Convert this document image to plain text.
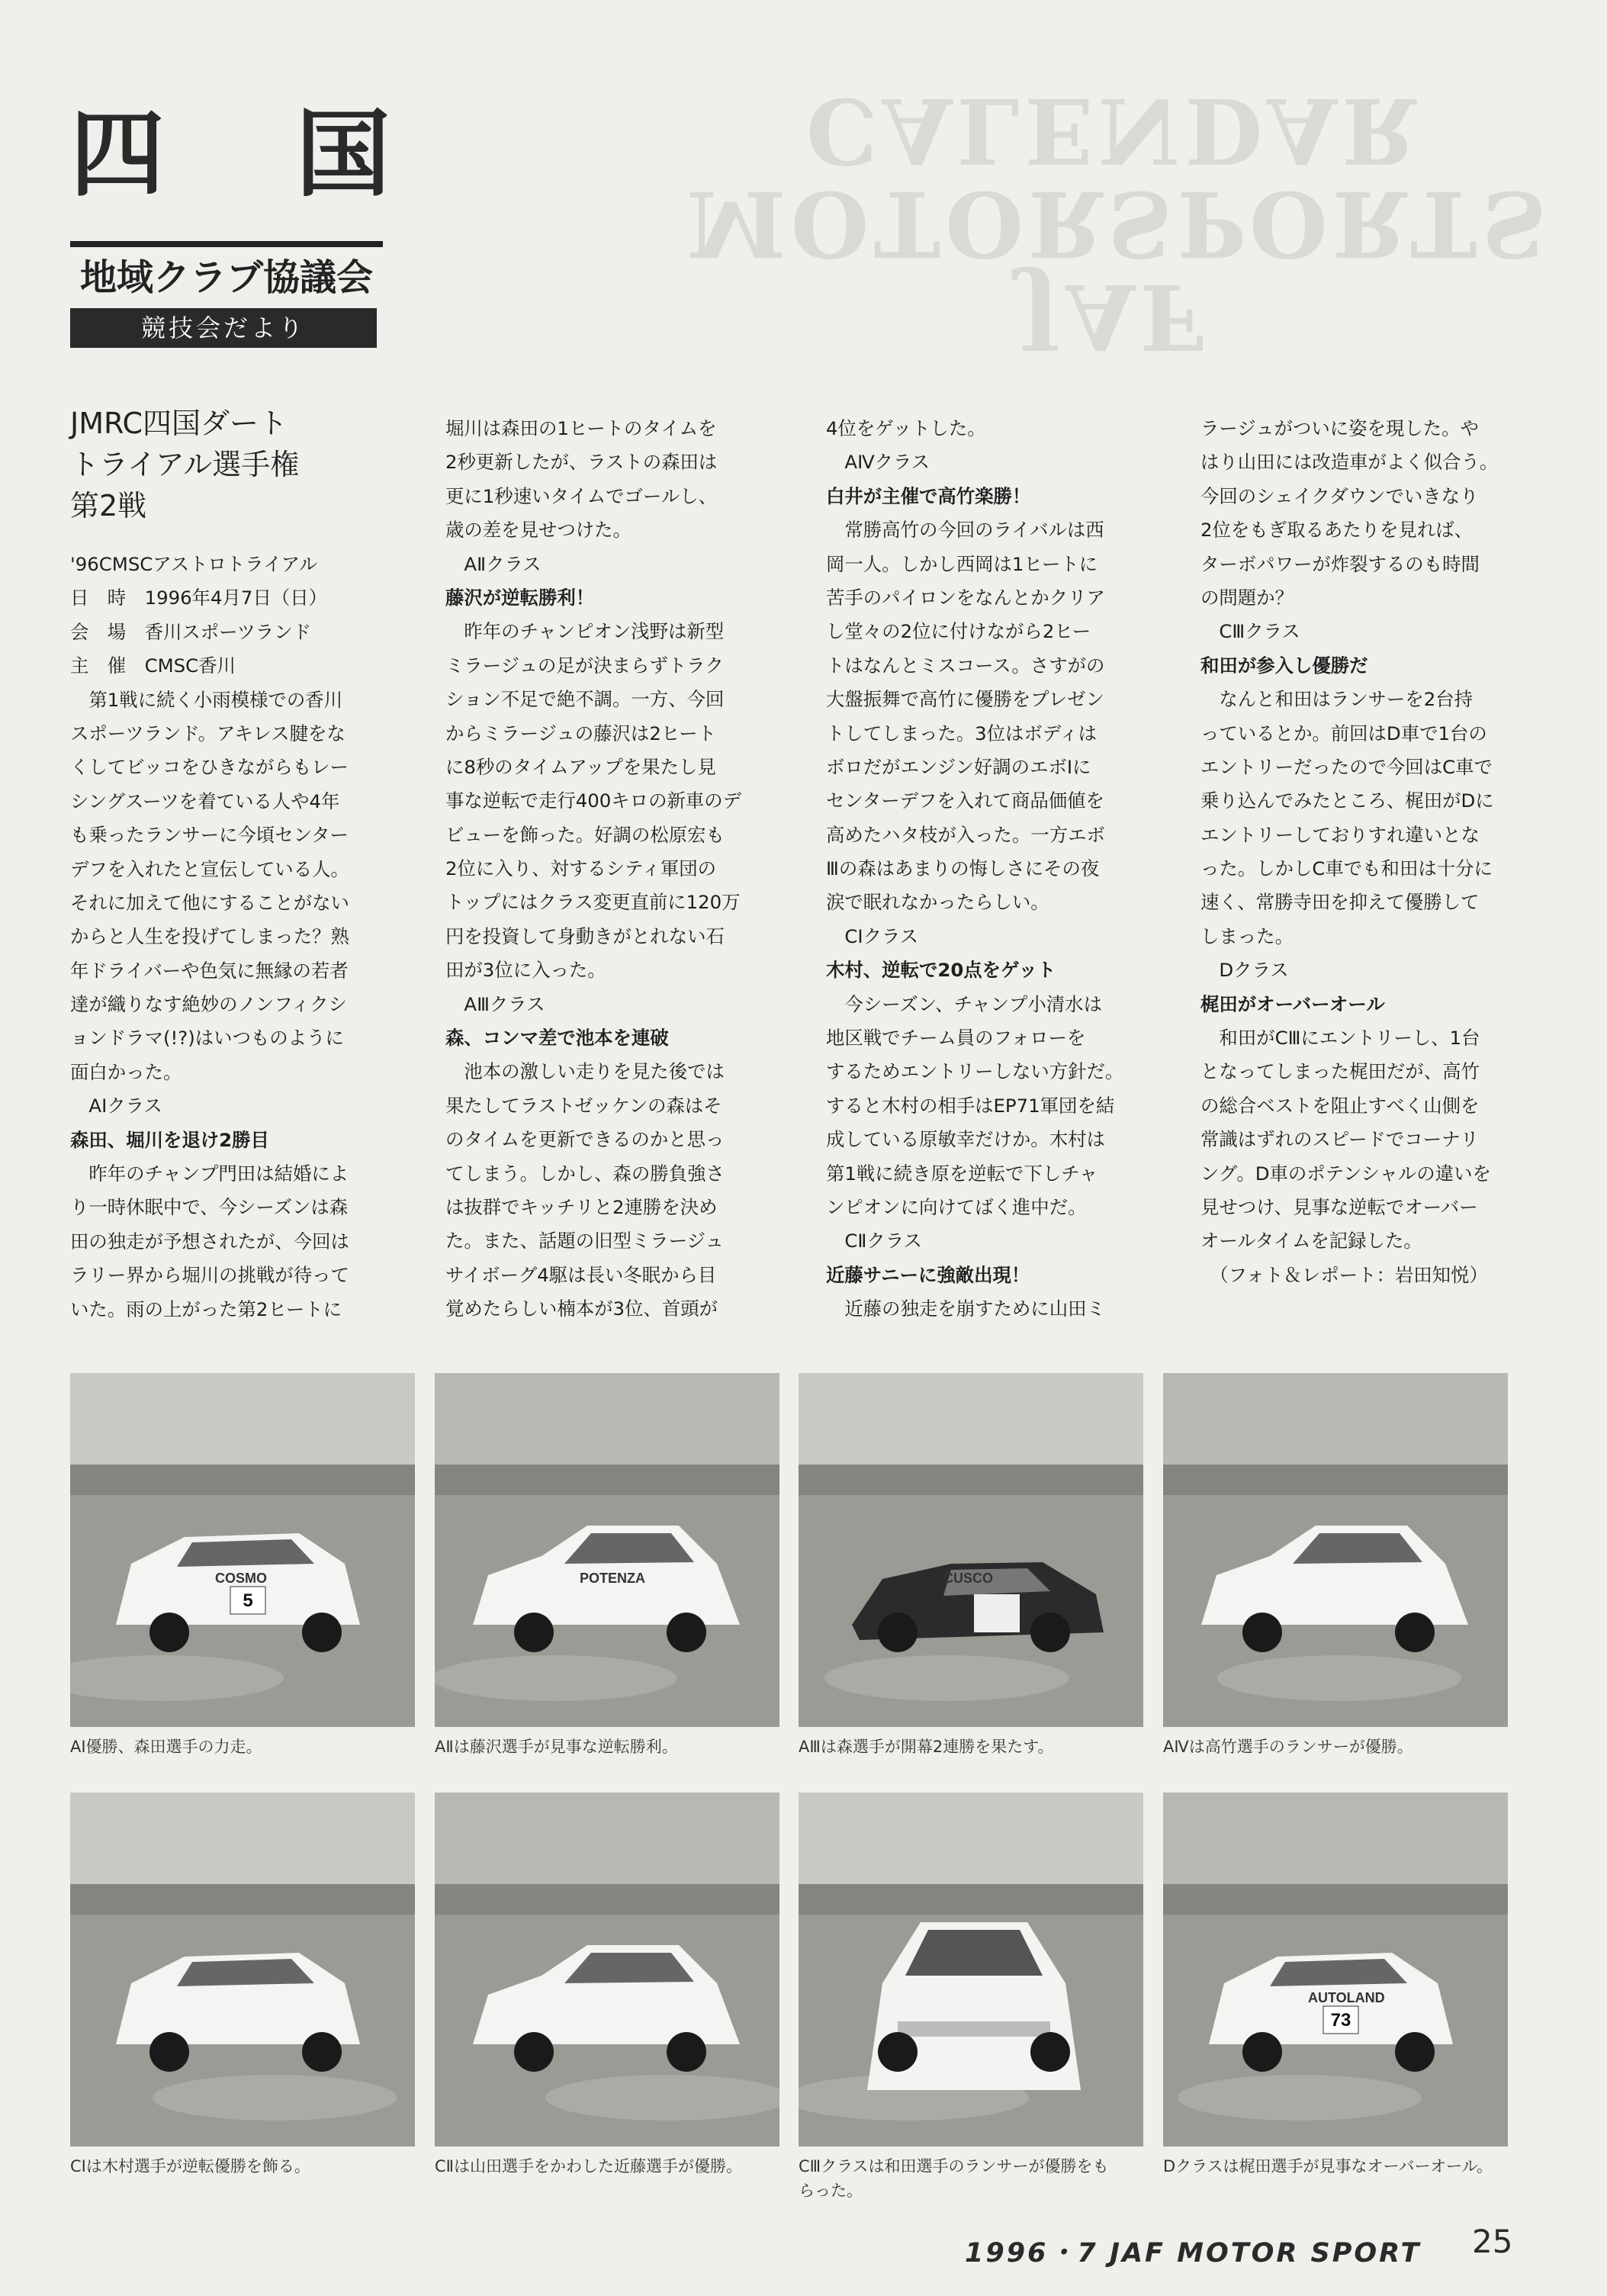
JAF
MOTORSPORTS
CALENDAR
四 国
地域クラブ協議会
競技会だより
JMRC四国ダート
トライアル選手権
第2戦
'96CMSCアストロトライアル
日　時　1996年4月7日（日）
会　場　香川スポーツランド
主　催　CMSC香川
　第1戦に続く小雨模様での香川
スポーツランド。アキレス腱をな
くしてビッコをひきながらもレー
シングスーツを着ている人や4年
も乗ったランサーに今頃センター
デフを入れたと宣伝している人。
それに加えて他にすることがない
からと人生を投げてしまった？熟
年ドライバーや色気に無縁の若者
達が織りなす絶妙のノンフィクシ
ョンドラマ(!?)はいつものように
面白かった。
　AⅠクラス
森田、堀川を退け2勝目
　昨年のチャンプ門田は結婚によ
り一時休眠中で、今シーズンは森
田の独走が予想されたが、今回は
ラリー界から堀川の挑戦が待って
いた。雨の上がった第2ヒートに
堀川は森田の1ヒートのタイムを
2秒更新したが、ラストの森田は
更に1秒速いタイムでゴールし、
歳の差を見せつけた。
　AⅡクラス
藤沢が逆転勝利！
　昨年のチャンピオン浅野は新型
ミラージュの足が決まらずトラク
ション不足で絶不調。一方、今回
からミラージュの藤沢は2ヒート
に8秒のタイムアップを果たし見
事な逆転で走行400キロの新車のデ
ビューを飾った。好調の松原宏も
2位に入り、対するシティ軍団の
トップにはクラス変更直前に120万
円を投資して身動きがとれない石
田が3位に入った。
　AⅢクラス
森、コンマ差で池本を連破
　池本の激しい走りを見た後では
果たしてラストゼッケンの森はそ
のタイムを更新できるのかと思っ
てしまう。しかし、森の勝負強さ
は抜群でキッチリと2連勝を決め
た。また、話題の旧型ミラージュ
サイボーグ4駆は長い冬眠から目
覚めたらしい楠本が3位、首頭が
4位をゲットした。
　AⅣクラス
白井が主催で高竹楽勝！
　常勝高竹の今回のライバルは西
岡一人。しかし西岡は1ヒートに
苦手のパイロンをなんとかクリア
し堂々の2位に付けながら2ヒー
トはなんとミスコース。さすがの
大盤振舞で高竹に優勝をプレゼン
トしてしまった。3位はボディは
ボロだがエンジン好調のエボⅠに
センターデフを入れて商品価値を
高めたハタ枝が入った。一方エボ
Ⅲの森はあまりの悔しさにその夜
涙で眠れなかったらしい。
　CⅠクラス
木村、逆転で20点をゲット
　今シーズン、チャンプ小清水は
地区戦でチーム員のフォローを
するためエントリーしない方針だ。
すると木村の相手はEP71軍団を結
成している原敏幸だけか。木村は
第1戦に続き原を逆転で下しチャ
ンピオンに向けてばく進中だ。
　CⅡクラス
近藤サニーに強敵出現！
　近藤の独走を崩すために山田ミ
ラージュがついに姿を現した。や
はり山田には改造車がよく似合う。
今回のシェイクダウンでいきなり
2位をもぎ取るあたりを見れば、
ターボパワーが炸裂するのも時間
の問題か？
　CⅢクラス
和田が参入し優勝だ
　なんと和田はランサーを2台持
っているとか。前回はD車で1台の
エントリーだったので今回はC車で
乗り込んでみたところ、梶田がDに
エントリーしておりすれ違いとな
った。しかしC車でも和田は十分に
速く、常勝寺田を抑えて優勝して
しまった。
　Dクラス
梶田がオーバーオール
　和田がCⅢにエントリーし、1台
となってしまった梶田だが、高竹
の総合ベストを阻止すべく山側を
常識はずれのスピードでコーナリ
ング。D車のポテンシャルの違いを
見せつけ、見事な逆転でオーバー
オールタイムを記録した。
　（フォト＆レポート：岩田知悦）
5
COSMO
AⅠ優勝、森田選手の力走。
POTENZA
AⅡは藤沢選手が見事な逆転勝利。
CUSCO
AⅢは森選手が開幕2連勝を果たす。	AⅣは高竹選手のランサーが優勝。
CⅠは木村選手が逆転優勝を飾る。	CⅡは山田選手をかわした近藤選手が優勝。	CⅢクラスは和田選手のランサーが優勝をも
らった。
73
AUTOLAND
Dクラスは梶田選手が見事なオーバーオール。
1996・7 JAF MOTOR SPORT 25
